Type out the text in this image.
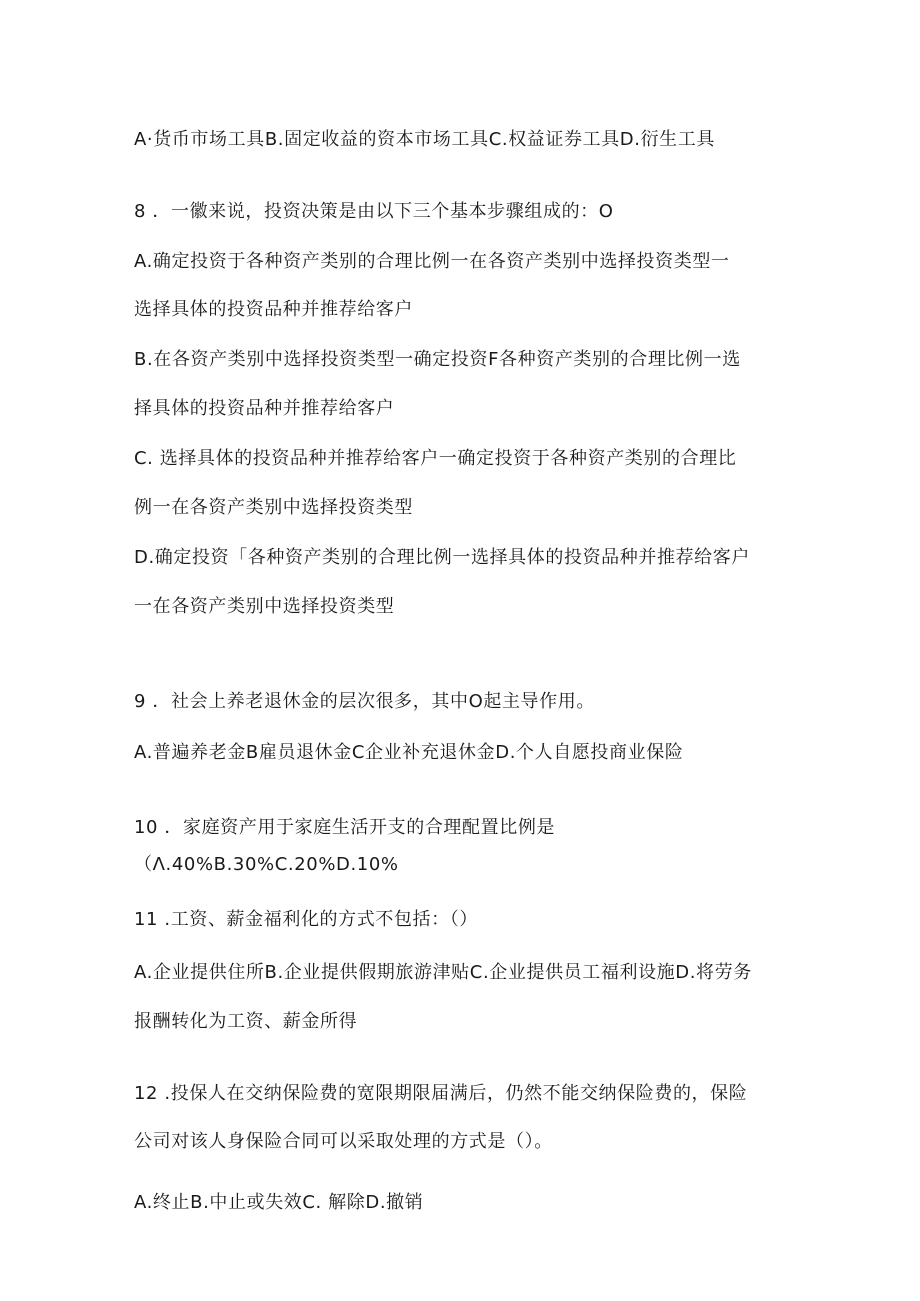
A·货币市场工具B.固定收益的资本市场工具C.权益证券工具D.衍生工具
8 ．一徽来说，投资决策是由以下三个基本步骤组成的：O
A.确定投资于各种资产类别的合理比例一在各资产类别中选择投资类型一
选择具体的投资品种并推荐给客户
B.在各资产类别中选择投资类型一确定投资F各种资产类别的合理比例一选
择具体的投资品种并推荐给客户
C. 选择具体的投资品种并推荐给客户一确定投资于各种资产类别的合理比
例一在各资产类别中选择投资类型
D.确定投资「各种资产类别的合理比例一选择具体的投资品种并推荐给客户
一在各资产类别中选择投资类型
9 ．社会上养老退休金的层次很多，其中O起主导作用。
A.普遍养老金B雇员退休金C企业补充退休金D.个人自愿投商业保险
10 ．家庭资产用于家庭生活开支的合理配置比例是
（Λ.40%B.30%C.20%D.10%
11 .工资、薪金福利化的方式不包括：（）
A.企业提供住所B.企业提供假期旅游津贴C.企业提供员工福利设施D.将劳务
报酬转化为工资、薪金所得
12 .投保人在交纳保险费的宽限期限届满后，仍然不能交纳保险费的，保险
公司对该人身保险合同可以采取处理的方式是（）。
A.终止B.中止或失效C. 解除D.撤销
